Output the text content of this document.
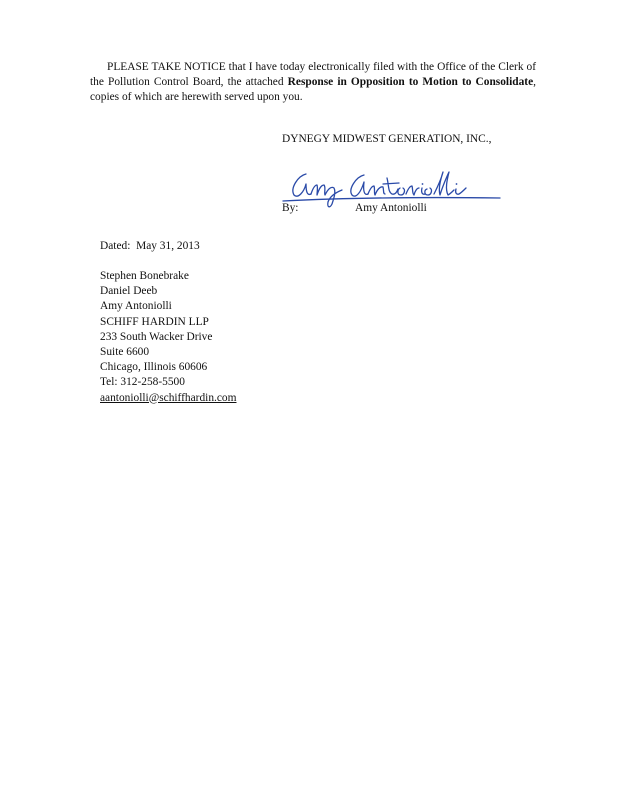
PLEASE TAKE NOTICE that I have today electronically filed with the Office of the Clerk of the Pollution Control Board, the attached Response in Opposition to Motion to Consolidate, copies of which are herewith served upon you.

DYNEGY MIDWEST GENERATION, INC.,
By:	Amy Antoniolli
Dated: May 31, 2013
Stephen Bonebrake
Daniel Deeb
Amy Antoniolli
SCHIFF HARDIN LLP
233 South Wacker Drive
Suite 6600
Chicago, Illinois 60606
Tel: 312-258-5500
aantoniolli@schiffhardin.com
